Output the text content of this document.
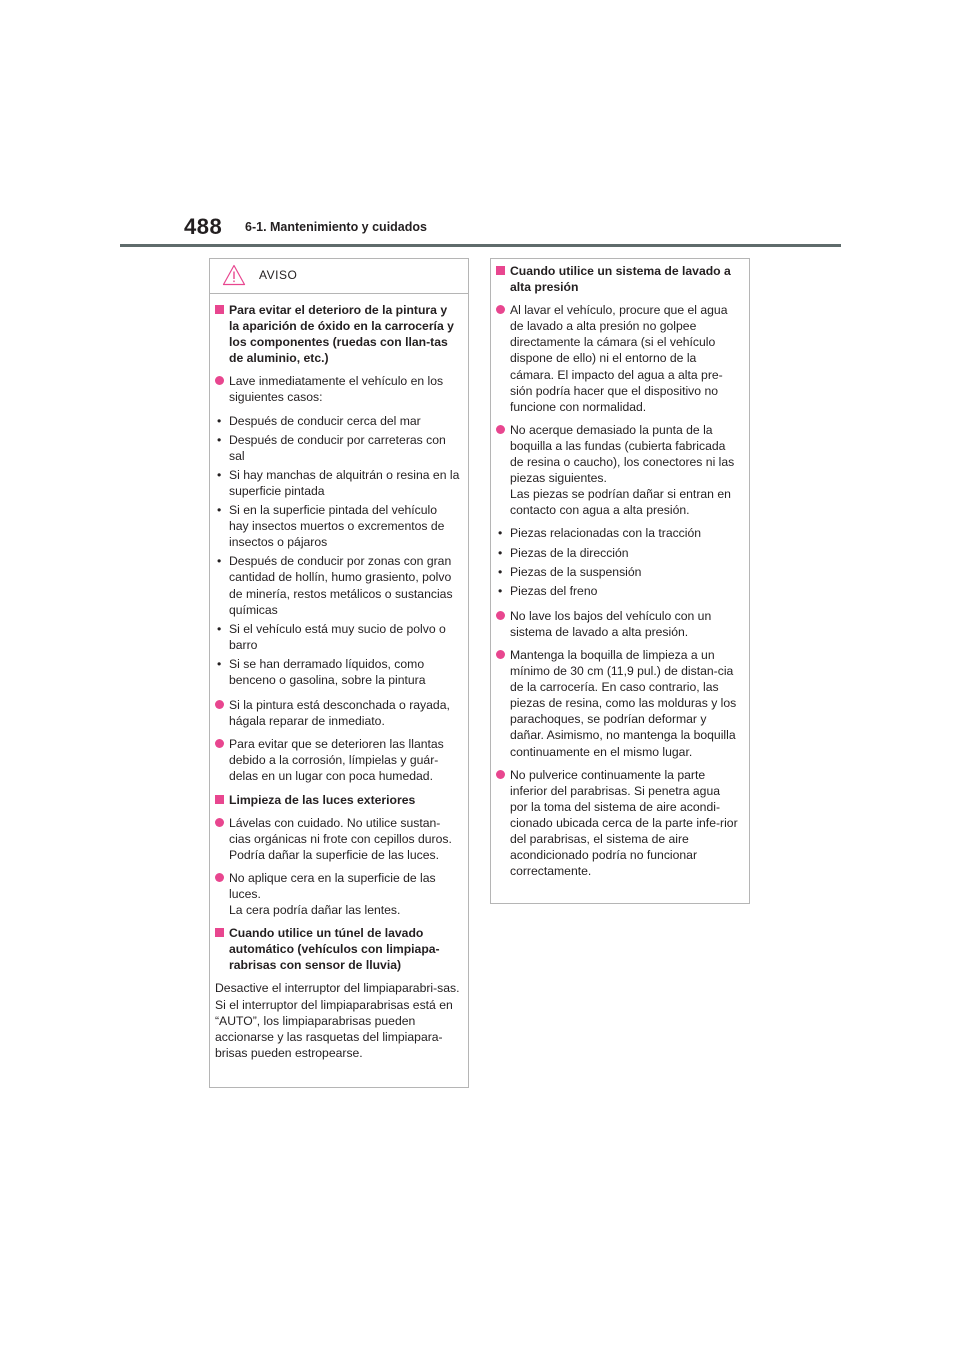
488 6-1. Mantenimiento y cuidados
AVISO
Para evitar el deterioro de la pintura y la aparición de óxido en la carrocería y los componentes (ruedas con llan-tas de aluminio, etc.)
Lave inmediatamente el vehículo en los siguientes casos:
• Después de conducir cerca del mar
• Después de conducir por carreteras con sal
• Si hay manchas de alquitrán o resina en la superficie pintada
• Si en la superficie pintada del vehículo hay insectos muertos o excrementos de insectos o pájaros
• Después de conducir por zonas con gran cantidad de hollín, humo grasiento, polvo de minería, restos metálicos o sustancias químicas
• Si el vehículo está muy sucio de polvo o barro
• Si se han derramado líquidos, como benceno o gasolina, sobre la pintura
Si la pintura está desconchada o rayada, hágala reparar de inmediato.
Para evitar que se deterioren las llantas debido a la corrosión, límpielas y guár-delas en un lugar con poca humedad.
Limpieza de las luces exteriores
Lávelas con cuidado. No utilice sustan-cias orgánicas ni frote con cepillos duros.
Podría dañar la superficie de las luces.
No aplique cera en la superficie de las luces.
La cera podría dañar las lentes.
Cuando utilice un túnel de lavado automático (vehículos con limpiapa-rabrisas con sensor de lluvia)
Desactive el interruptor del limpiaparabri-sas.
Si el interruptor del limpiaparabrisas está en “AUTO”, los limpiaparabrisas pueden accionarse y las rasquetas del limpiapara-brisas pueden estropearse.
Cuando utilice un sistema de lavado a alta presión
Al lavar el vehículo, procure que el agua de lavado a alta presión no golpee directamente la cámara (si el vehículo dispone de ello) ni el entorno de la cámara. El impacto del agua a alta pre-sión podría hacer que el dispositivo no funcione con normalidad.
No acerque demasiado la punta de la boquilla a las fundas (cubierta fabricada de resina o caucho), los conectores ni las piezas siguientes.
Las piezas se podrían dañar si entran en contacto con agua a alta presión.
• Piezas relacionadas con la tracción
• Piezas de la dirección
• Piezas de la suspensión
• Piezas del freno
No lave los bajos del vehículo con un sistema de lavado a alta presión.
Mantenga la boquilla de limpieza a un mínimo de 30 cm (11,9 pul.) de distan-cia de la carrocería. En caso contrario, las piezas de resina, como las molduras y los parachoques, se podrían deformar y dañar. Asimismo, no mantenga la boquilla continuamente en el mismo lugar.
No pulverice continuamente la parte inferior del parabrisas. Si penetra agua por la toma del sistema de aire acondi-cionado ubicada cerca de la parte infe-rior del parabrisas, el sistema de aire acondicionado podría no funcionar correctamente.
